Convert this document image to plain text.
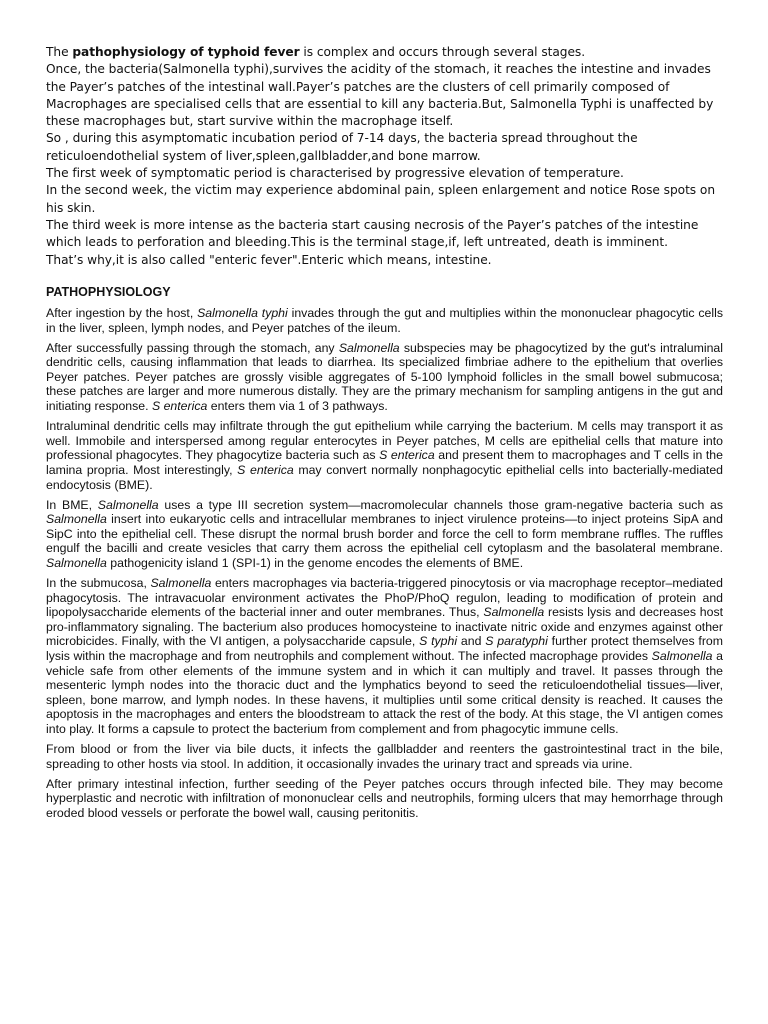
The pathophysiology of typhoid fever is complex and occurs through several stages.

Once, the bacteria(Salmonella typhi),survives the acidity of the stomach, it reaches the intestine and invades the Payer’s patches of the intestinal wall.Payer’s patches are the clusters of cell primarily composed of Macrophages are specialised cells that are essential to kill any bacteria.But, Salmonella Typhi is unaffected by these macrophages but, start survive within the macrophage itself.

So , during this asymptomatic incubation period of 7-14 days, the bacteria spread throughout the reticuloendothelial system of liver,spleen,gallbladder,and bone marrow.

The first week of symptomatic period is characterised by progressive elevation of temperature.

In the second week, the victim may experience abdominal pain, spleen enlargement and notice Rose spots on his skin.

The third week is more intense as the bacteria start causing necrosis of the Payer’s patches of the intestine which leads to perforation and bleeding.This is the terminal stage,if, left untreated, death is imminent.

That’s why,it is also called "enteric fever".Enteric which means, intestine.

PATHOPHYSIOLOGY

After ingestion by the host, Salmonella typhi invades through the gut and multiplies within the mononuclear phagocytic cells in the liver, spleen, lymph nodes, and Peyer patches of the ileum.

After successfully passing through the stomach, any Salmonella subspecies may be phagocytized by the gut's intraluminal dendritic cells, causing inflammation that leads to diarrhea. Its specialized fimbriae adhere to the epithelium that overlies Peyer patches. Peyer patches are grossly visible aggregates of 5-100 lymphoid follicles in the small bowel submucosa; these patches are larger and more numerous distally. They are the primary mechanism for sampling antigens in the gut and initiating response. S enterica enters them via 1 of 3 pathways.

Intraluminal dendritic cells may infiltrate through the gut epithelium while carrying the bacterium. M cells may transport it as well. Immobile and interspersed among regular enterocytes in Peyer patches, M cells are epithelial cells that mature into professional phagocytes. They phagocytize bacteria such as S enterica and present them to macrophages and T cells in the lamina propria. Most interestingly, S enterica may convert normally nonphagocytic epithelial cells into bacterially-mediated endocytosis (BME).

In BME, Salmonella uses a type III secretion system—macromolecular channels those gram-negative bacteria such as Salmonella insert into eukaryotic cells and intracellular membranes to inject virulence proteins—to inject proteins SipA and SipC into the epithelial cell. These disrupt the normal brush border and force the cell to form membrane ruffles. The ruffles engulf the bacilli and create vesicles that carry them across the epithelial cell cytoplasm and the basolateral membrane. Salmonella pathogenicity island 1 (SPI-1) in the genome encodes the elements of BME.

In the submucosa, Salmonella enters macrophages via bacteria-triggered pinocytosis or via macrophage receptor–mediated phagocytosis. The intravacuolar environment activates the PhoP/PhoQ regulon, leading to modification of protein and lipopolysaccharide elements of the bacterial inner and outer membranes. Thus, Salmonella resists lysis and decreases host pro-inflammatory signaling. The bacterium also produces homocysteine to inactivate nitric oxide and enzymes against other microbicides. Finally, with the VI antigen, a polysaccharide capsule, S typhi and S paratyphi further protect themselves from lysis within the macrophage and from neutrophils and complement without. The infected macrophage provides Salmonella a vehicle safe from other elements of the immune system and in which it can multiply and travel. It passes through the mesenteric lymph nodes into the thoracic duct and the lymphatics beyond to seed the reticuloendothelial tissues—liver, spleen, bone marrow, and lymph nodes. In these havens, it multiplies until some critical density is reached. It causes the apoptosis in the macrophages and enters the bloodstream to attack the rest of the body. At this stage, the VI antigen comes into play. It forms a capsule to protect the bacterium from complement and from phagocytic immune cells.

From blood or from the liver via bile ducts, it infects the gallbladder and reenters the gastrointestinal tract in the bile, spreading to other hosts via stool. In addition, it occasionally invades the urinary tract and spreads via urine.

After primary intestinal infection, further seeding of the Peyer patches occurs through infected bile. They may become hyperplastic and necrotic with infiltration of mononuclear cells and neutrophils, forming ulcers that may hemorrhage through eroded blood vessels or perforate the bowel wall, causing peritonitis.
